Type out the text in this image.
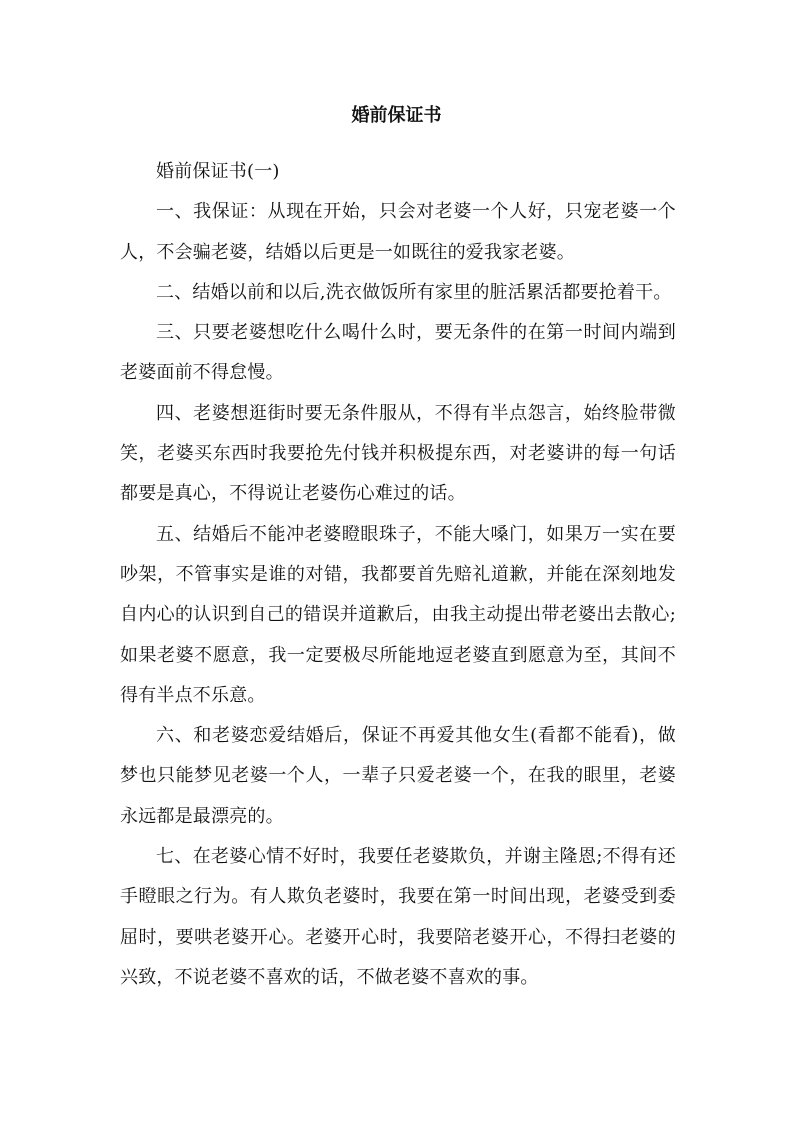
婚前保证书

婚前保证书(一)

一、我保证：从现在开始，只会对老婆一个人好，只宠老婆一个人，不会骗老婆，结婚以后更是一如既往的爱我家老婆。

二、结婚以前和以后,洗衣做饭所有家里的脏活累活都要抢着干。

三、只要老婆想吃什么喝什么时，要无条件的在第一时间内端到老婆面前不得怠慢。

四、老婆想逛街时要无条件服从，不得有半点怨言，始终脸带微笑，老婆买东西时我要抢先付钱并积极提东西，对老婆讲的每一句话都要是真心，不得说让老婆伤心难过的话。

五、结婚后不能冲老婆瞪眼珠子，不能大嗓门，如果万一实在要吵架，不管事实是谁的对错，我都要首先赔礼道歉，并能在深刻地发自内心的认识到自己的错误并道歉后，由我主动提出带老婆出去散心;如果老婆不愿意，我一定要极尽所能地逗老婆直到愿意为至，其间不得有半点不乐意。

六、和老婆恋爱结婚后，保证不再爱其他女生(看都不能看)，做梦也只能梦见老婆一个人，一辈子只爱老婆一个，在我的眼里，老婆永远都是最漂亮的。

七、在老婆心情不好时，我要任老婆欺负，并谢主隆恩;不得有还手瞪眼之行为。有人欺负老婆时，我要在第一时间出现，老婆受到委屈时，要哄老婆开心。老婆开心时，我要陪老婆开心，不得扫老婆的兴致，不说老婆不喜欢的话，不做老婆不喜欢的事。
